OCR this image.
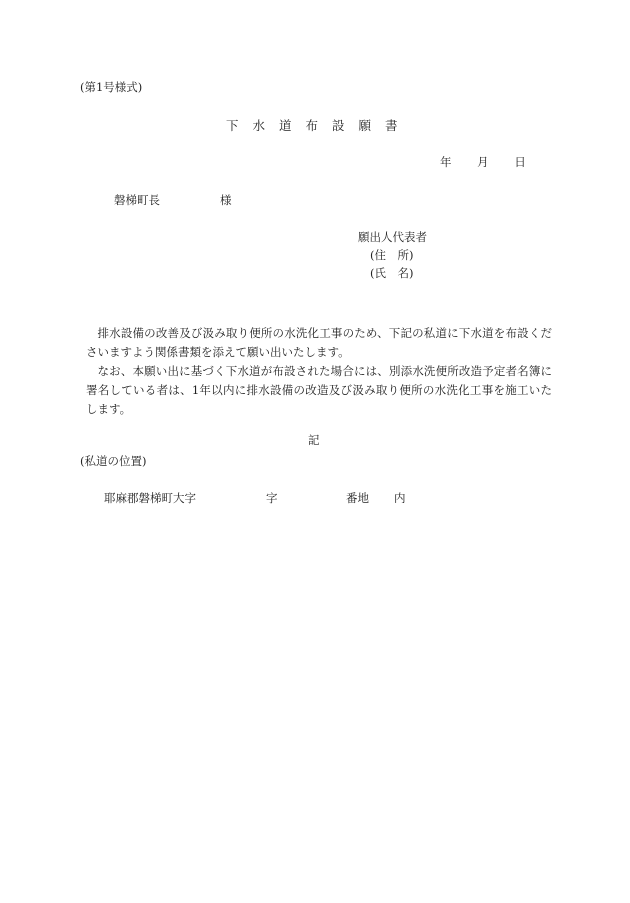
(第1号様式)
下水道布設願書
年 月 日
磐梯町長	様
願出人代表者
(住　所)
(氏　名)

排水設備の改善及び汲み取り便所の水洗化工事のため、下記の私道に下水道を布設くださいますよう関係書類を添えて願い出いたします。

なお、本願い出に基づく下水道が布設された場合には、別添水洗便所改造予定者名簿に署名している者は、1年以内に排水設備の改造及び汲み取り便所の水洗化工事を施工いたします。

記
(私道の位置)
耶麻郡磐梯町大字	字	番地 内
